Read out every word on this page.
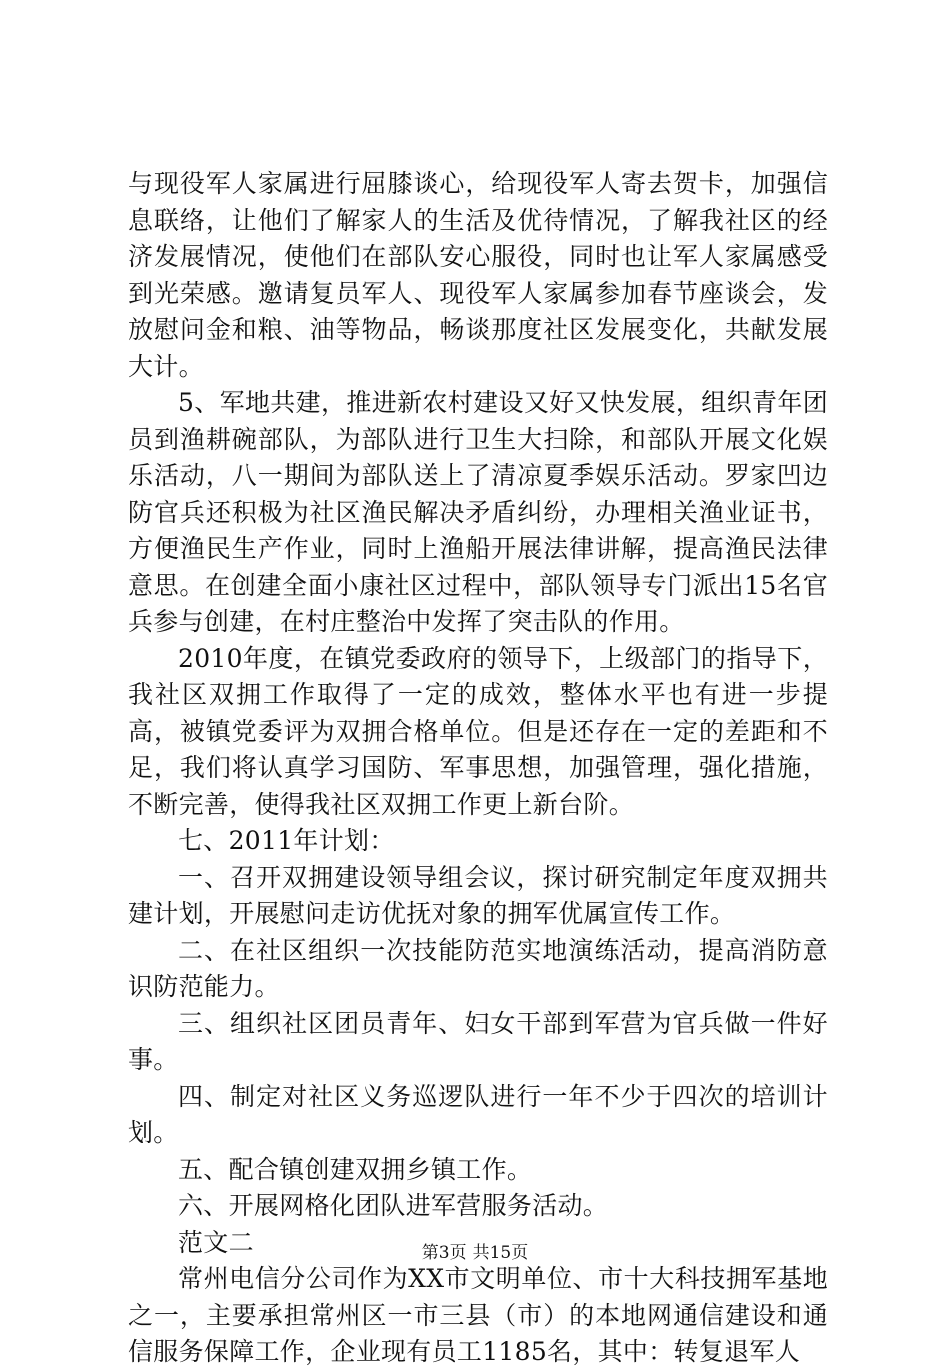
与现役军人家属进行屈膝谈心，给现役军人寄去贺卡，加强信息联络，让他们了解家人的生活及优待情况，了解我社区的经济发展情况，使他们在部队安心服役，同时也让军人家属感受到光荣感。邀请复员军人、现役军人家属参加春节座谈会，发放慰问金和粮、油等物品，畅谈那度社区发展变化，共献发展大计。

5、军地共建，推进新农村建设又好又快发展，组织青年团员到渔耕碗部队，为部队进行卫生大扫除，和部队开展文化娱乐活动，八一期间为部队送上了清凉夏季娱乐活动。罗家凹边防官兵还积极为社区渔民解决矛盾纠纷，办理相关渔业证书，方便渔民生产作业，同时上渔船开展法律讲解，提高渔民法律意思。在创建全面小康社区过程中，部队领导专门派出15名官兵参与创建，在村庄整治中发挥了突击队的作用。

2010年度，在镇党委政府的领导下，上级部门的指导下，我社区双拥工作取得了一定的成效，整体水平也有进一步提高，被镇党委评为双拥合格单位。但是还存在一定的差距和不足，我们将认真学习国防、军事思想，加强管理，强化措施，不断完善，使得我社区双拥工作更上新台阶。

七、2011年计划：

一、召开双拥建设领导组会议，探讨研究制定年度双拥共建计划，开展慰问走访优抚对象的拥军优属宣传工作。

二、在社区组织一次技能防范实地演练活动，提高消防意识防范能力。

三、组织社区团员青年、妇女干部到军营为官兵做一件好事。

四、制定对社区义务巡逻队进行一年不少于四次的培训计划。

五、配合镇创建双拥乡镇工作。

六、开展网格化团队进军营服务活动。

范文二

常州电信分公司作为XX市文明单位、市十大科技拥军基地之一，主要承担常州区一市三县（市）的本地网通信建设和通信服务保障工作，企业现有员工1185名，其中：转复退军人

第3页 共15页
